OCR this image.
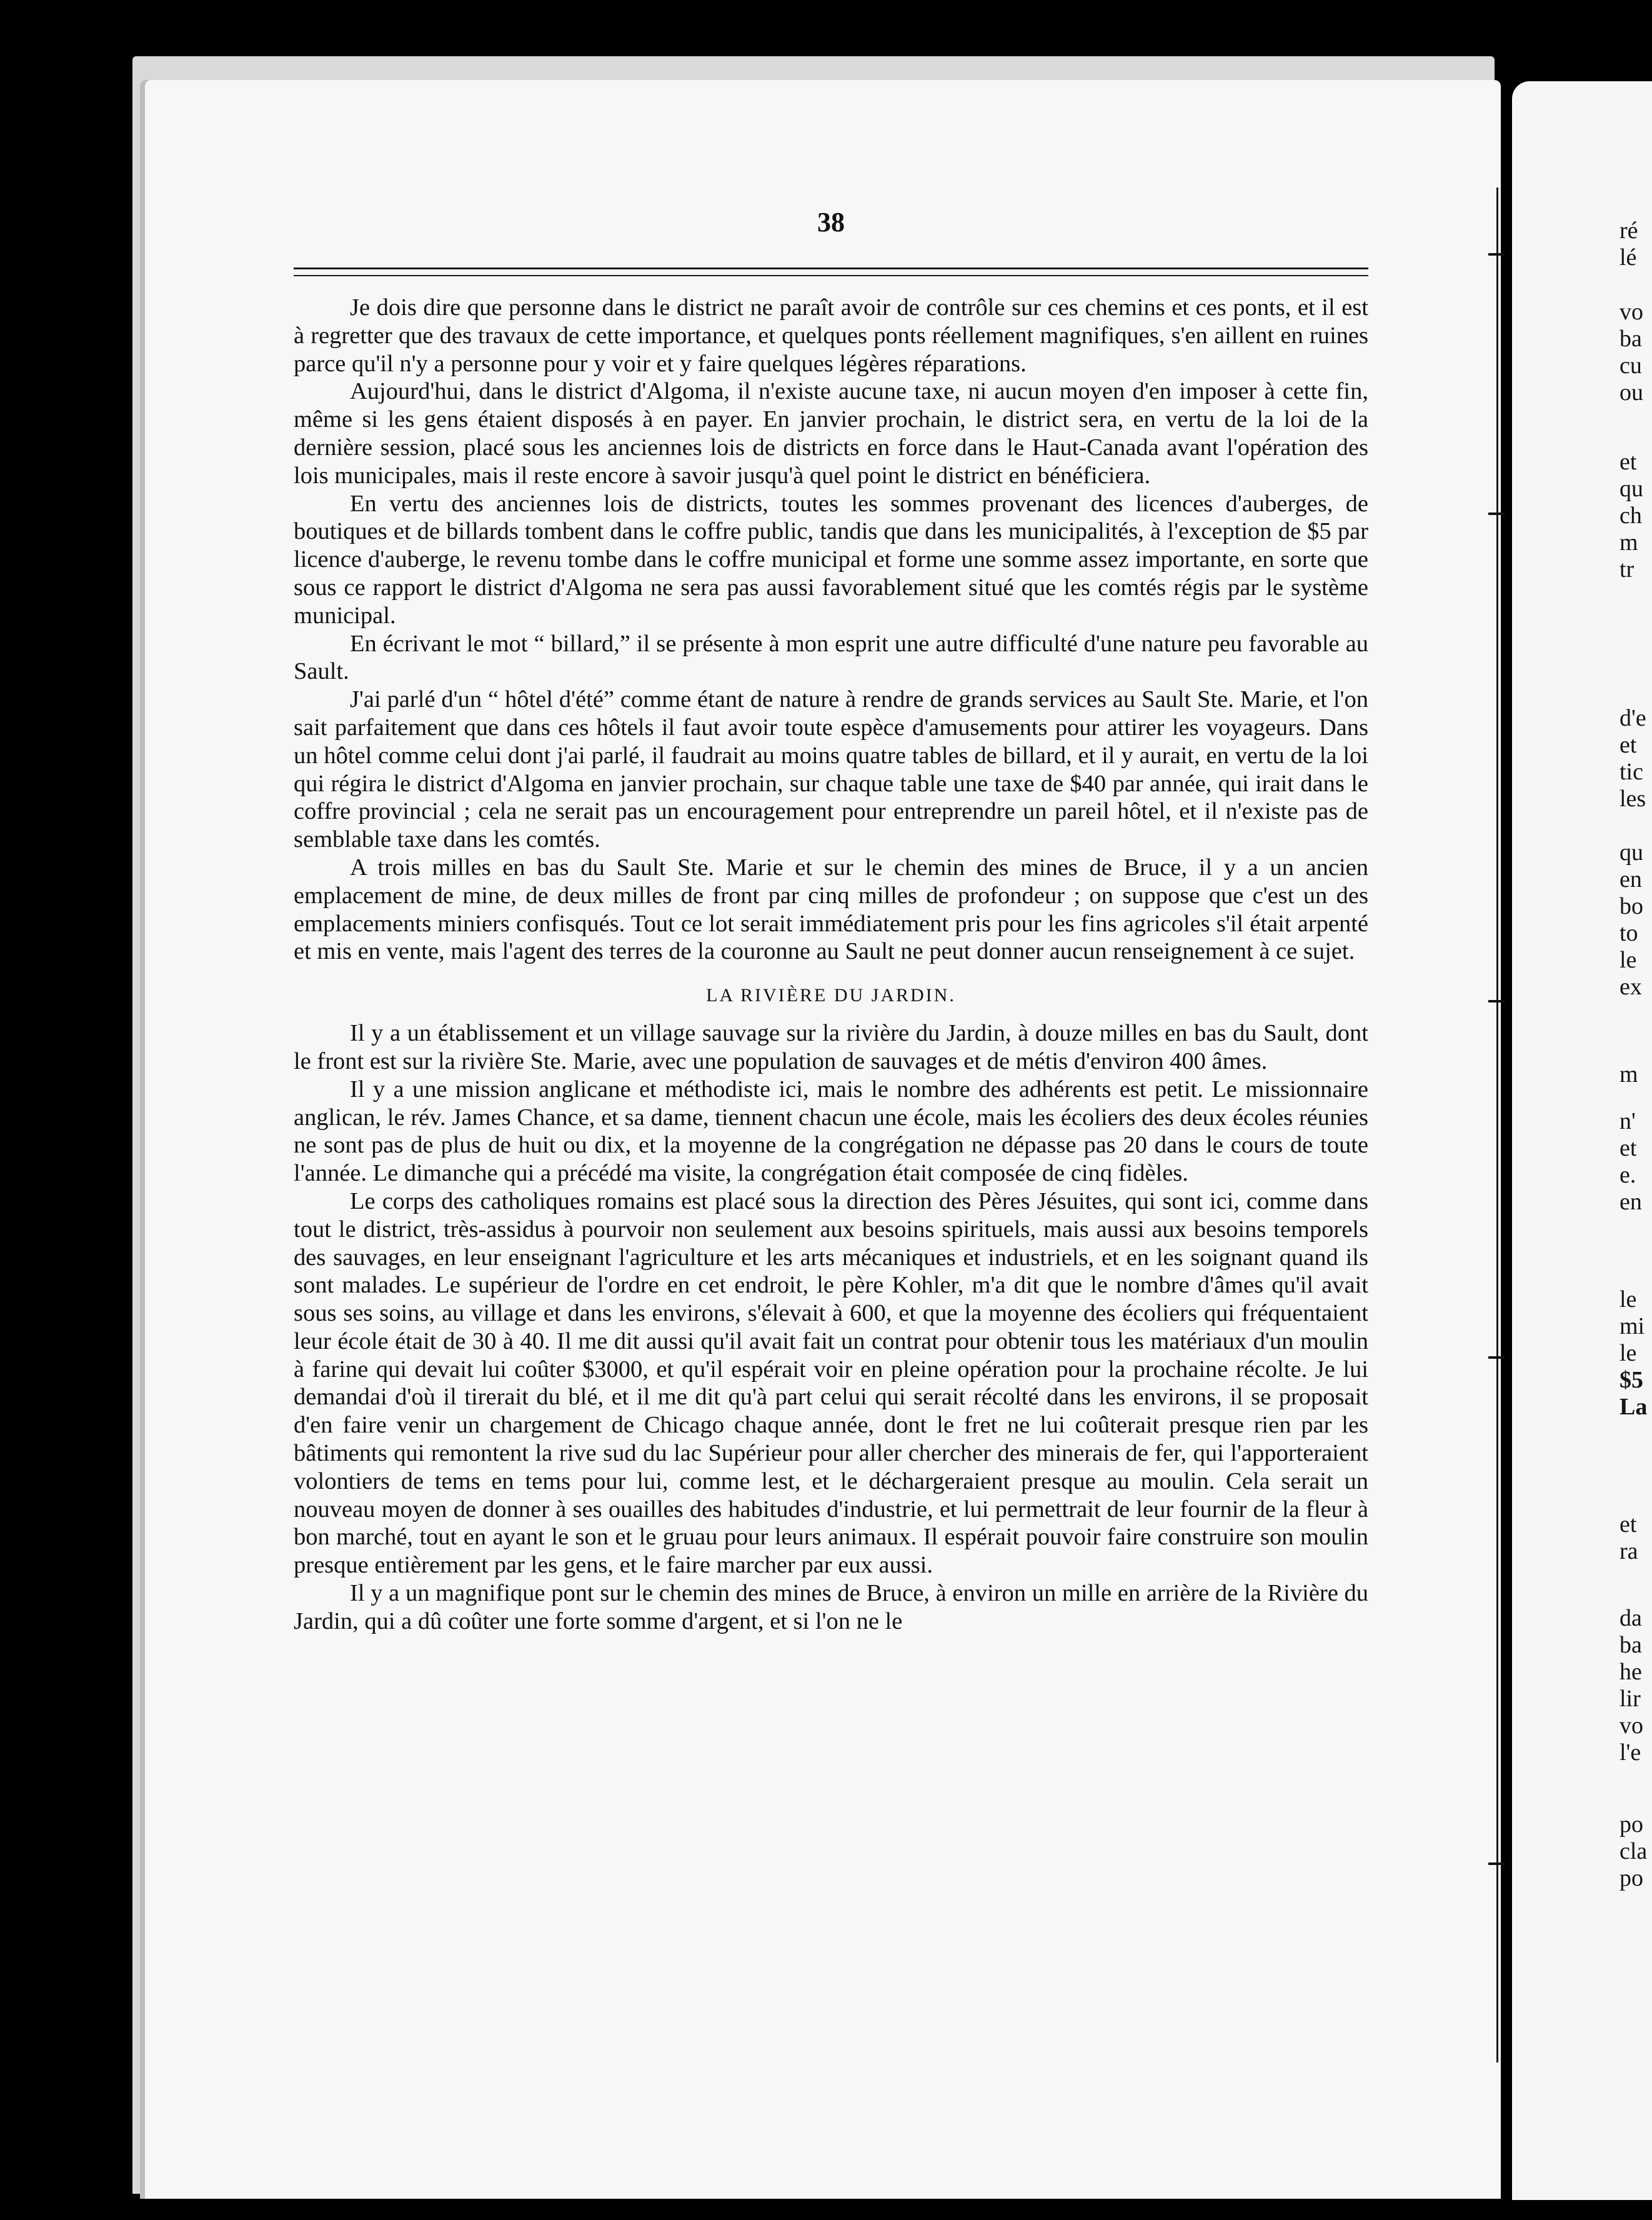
ré
lé
vo
ba
cu
ou
et
qu
ch
m
tr
d'e
et
tic
les
qu
en
bo
to
le
ex
m
n'
et
e.
en
le
mi
le
$5
La
et
ra
da
ba
he
lir
vo
l'e
po
cla
po
38

Je dois dire que personne dans le district ne paraît avoir de contrôle sur ces chemins et ces ponts, et il est à regretter que des travaux de cette importance, et quelques ponts réellement magnifiques, s'en aillent en ruines parce qu'il n'y a personne pour y voir et y faire quelques légères réparations.

Aujourd'hui, dans le district d'Algoma, il n'existe aucune taxe, ni aucun moyen d'en imposer à cette fin, même si les gens étaient disposés à en payer. En janvier prochain, le district sera, en vertu de la loi de la dernière session, placé sous les anciennes lois de districts en force dans le Haut-Canada avant l'opération des lois municipales, mais il reste encore à savoir jusqu'à quel point le district en bénéficiera.

En vertu des anciennes lois de districts, toutes les sommes provenant des licences d'auberges, de boutiques et de billards tombent dans le coffre public, tandis que dans les municipalités, à l'exception de $5 par licence d'auberge, le revenu tombe dans le coffre municipal et forme une somme assez importante, en sorte que sous ce rapport le district d'Algoma ne sera pas aussi favorablement situé que les comtés régis par le système municipal.

En écrivant le mot “ billard,” il se présente à mon esprit une autre difficulté d'une nature peu favorable au Sault.

J'ai parlé d'un “ hôtel d'été” comme étant de nature à rendre de grands services au Sault Ste. Marie, et l'on sait parfaitement que dans ces hôtels il faut avoir toute espèce d'amusements pour attirer les voyageurs. Dans un hôtel comme celui dont j'ai parlé, il faudrait au moins quatre tables de billard, et il y aurait, en vertu de la loi qui régira le district d'Algoma en janvier prochain, sur chaque table une taxe de $40 par année, qui irait dans le coffre provincial ; cela ne serait pas un encouragement pour entreprendre un pareil hôtel, et il n'existe pas de semblable taxe dans les comtés.

A trois milles en bas du Sault Ste. Marie et sur le chemin des mines de Bruce, il y a un ancien emplacement de mine, de deux milles de front par cinq milles de profondeur ; on suppose que c'est un des emplacements miniers confisqués. Tout ce lot serait immédiatement pris pour les fins agricoles s'il était arpenté et mis en vente, mais l'agent des terres de la couronne au Sault ne peut donner aucun renseignement à ce sujet.

LA RIVIÈRE DU JARDIN.

Il y a un établissement et un village sauvage sur la rivière du Jardin, à douze milles en bas du Sault, dont le front est sur la rivière Ste. Marie, avec une population de sauvages et de métis d'environ 400 âmes.

Il y a une mission anglicane et méthodiste ici, mais le nombre des adhérents est petit. Le missionnaire anglican, le rév. James Chance, et sa dame, tiennent chacun une école, mais les écoliers des deux écoles réunies ne sont pas de plus de huit ou dix, et la moyenne de la congrégation ne dépasse pas 20 dans le cours de toute l'année. Le dimanche qui a précédé ma visite, la congrégation était composée de cinq fidèles.

Le corps des catholiques romains est placé sous la direction des Pères Jésuites, qui sont ici, comme dans tout le district, très-assidus à pourvoir non seulement aux besoins spirituels, mais aussi aux besoins temporels des sauvages, en leur enseignant l'agriculture et les arts mécaniques et industriels, et en les soignant quand ils sont malades. Le supérieur de l'ordre en cet endroit, le père Kohler, m'a dit que le nombre d'âmes qu'il avait sous ses soins, au village et dans les environs, s'élevait à 600, et que la moyenne des écoliers qui fréquentaient leur école était de 30 à 40. Il me dit aussi qu'il avait fait un contrat pour obtenir tous les matériaux d'un moulin à farine qui devait lui coûter $3000, et qu'il espérait voir en pleine opération pour la prochaine récolte. Je lui demandai d'où il tirerait du blé, et il me dit qu'à part celui qui serait récolté dans les environs, il se proposait d'en faire venir un chargement de Chicago chaque année, dont le fret ne lui coûterait presque rien par les bâtiments qui remontent la rive sud du lac Supérieur pour aller chercher des minerais de fer, qui l'apporteraient volontiers de tems en tems pour lui, comme lest, et le déchargeraient presque au moulin. Cela serait un nouveau moyen de donner à ses ouailles des habitudes d'industrie, et lui permettrait de leur fournir de la fleur à bon marché, tout en ayant le son et le gruau pour leurs animaux. Il espérait pouvoir faire construire son moulin presque entièrement par les gens, et le faire marcher par eux aussi.

Il y a un magnifique pont sur le chemin des mines de Bruce, à environ un mille en arrière de la Rivière du Jardin, qui a dû coûter une forte somme d'argent, et si l'on ne le
